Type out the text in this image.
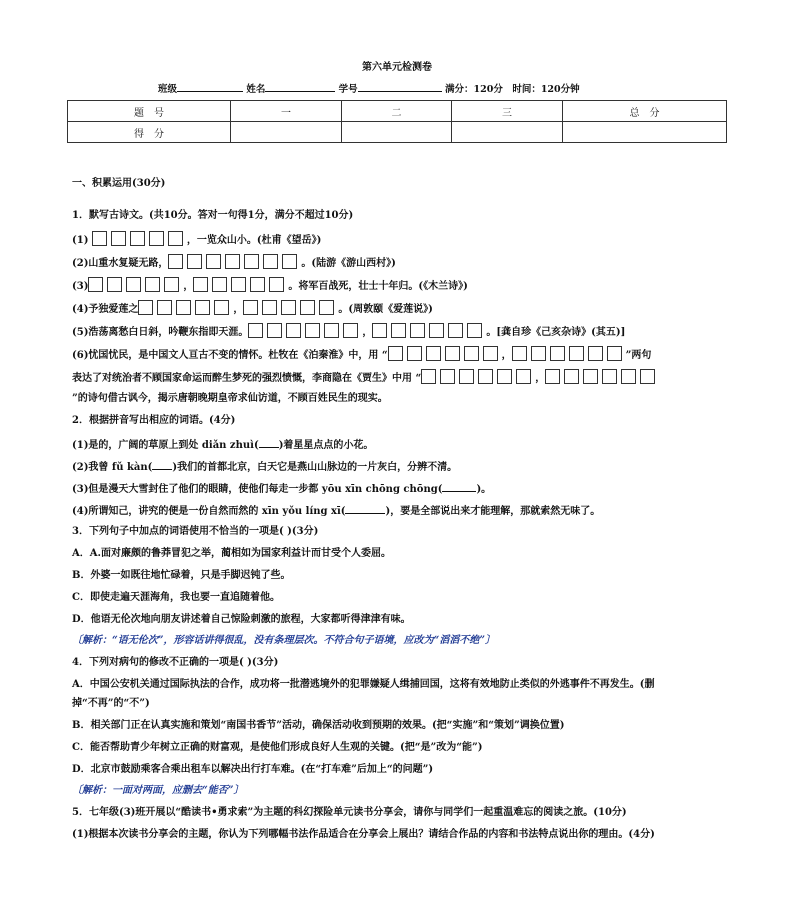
第六单元检测卷
班级	姓名	学号	满分：120分　时间：120分钟
题　号	一	二	三	总　分
得　分				
一、积累运用(30分)
1．默写古诗文。(共10分。答对一句得1分，满分不超过10分)
(1)	，一览众山小。(杜甫《望岳》)
(2)山重水复疑无路，	。(陆游《游山西村》)
(3)	，	。将军百战死，壮士十年归。(《木兰诗》)
(4)予独爱莲之	，	。(周敦颐《爱莲说》)
(5)浩荡离愁白日斜，吟鞭东指即天涯。	，	。[龚自珍《己亥杂诗》(其五)]
(6)忧国忧民，是中国文人亘古不变的情怀。杜牧在《泊秦淮》中，用 “	，	”两句
表达了对统治者不顾国家命运而醉生梦死的强烈愤慨，李商隐在《贾生》中用 “	，
”的诗句借古讽今，揭示唐朝晚期皇帝求仙访道，不顾百姓民生的现实。
2．根据拼音写出相应的词语。(4分)
(1)是的，广阔的草原上到处 diǎn zhuì( )着星星点点的小花。
(2)我曾 fǔ kàn( )我们的首都北京，白天它是燕山山脉边的一片灰白，分辨不清。
(3)但是漫天大雪封住了他们的眼睛，使他们每走一步都 yōu xīn chōng chōng(	)。
(4)所谓知己，讲究的便是一份自然而然的 xīn yǒu líng xī(	)，要是全部说出来才能理解，那就索然无味了。
3．下列句子中加点的词语使用不恰当的一项是( )(3分)
A．A.面对廉颇的鲁莽冒犯之举，蔺相如为国家利益计而甘受个人委屈。
B．外婆一如既往地忙碌着，只是手脚迟钝了些。
C．即使走遍天涯海角，我也要一直追随着他。
D．他语无伦次地向朋友讲述着自己惊险刺激的旅程，大家都听得津津有味。
〔解析：“语无伦次”，形容话讲得很乱，没有条理层次。不符合句子语境，应改为“滔滔不绝”〕
4．下列对病句的修改不正确的一项是( )(3分)
A．中国公安机关通过国际执法的合作，成功将一批潜逃境外的犯罪嫌疑人缉捕回国，这将有效地防止类似的外逃事件不再发生。(删
掉“不再”的“不”)
B．相关部门正在认真实施和策划“南国书香节”活动，确保活动收到预期的效果。(把“实施”和“策划”调换位置)
C．能否帮助青少年树立正确的财富观，是使他们形成良好人生观的关键。(把“是”改为“能”)
D．北京市鼓励乘客合乘出租车以解决出行打车难。(在“打车难”后加上“的问题”)
〔解析：一面对两面，应删去“能否”〕
5．七年级(3)班开展以“酷读书•勇求索”为主题的科幻探险单元读书分享会，请你与同学们一起重温难忘的阅读之旅。(10分)
(1)根据本次读书分享会的主题，你认为下列哪幅书法作品适合在分享会上展出？请结合作品的内容和书法特点说出你的理由。(4分)
